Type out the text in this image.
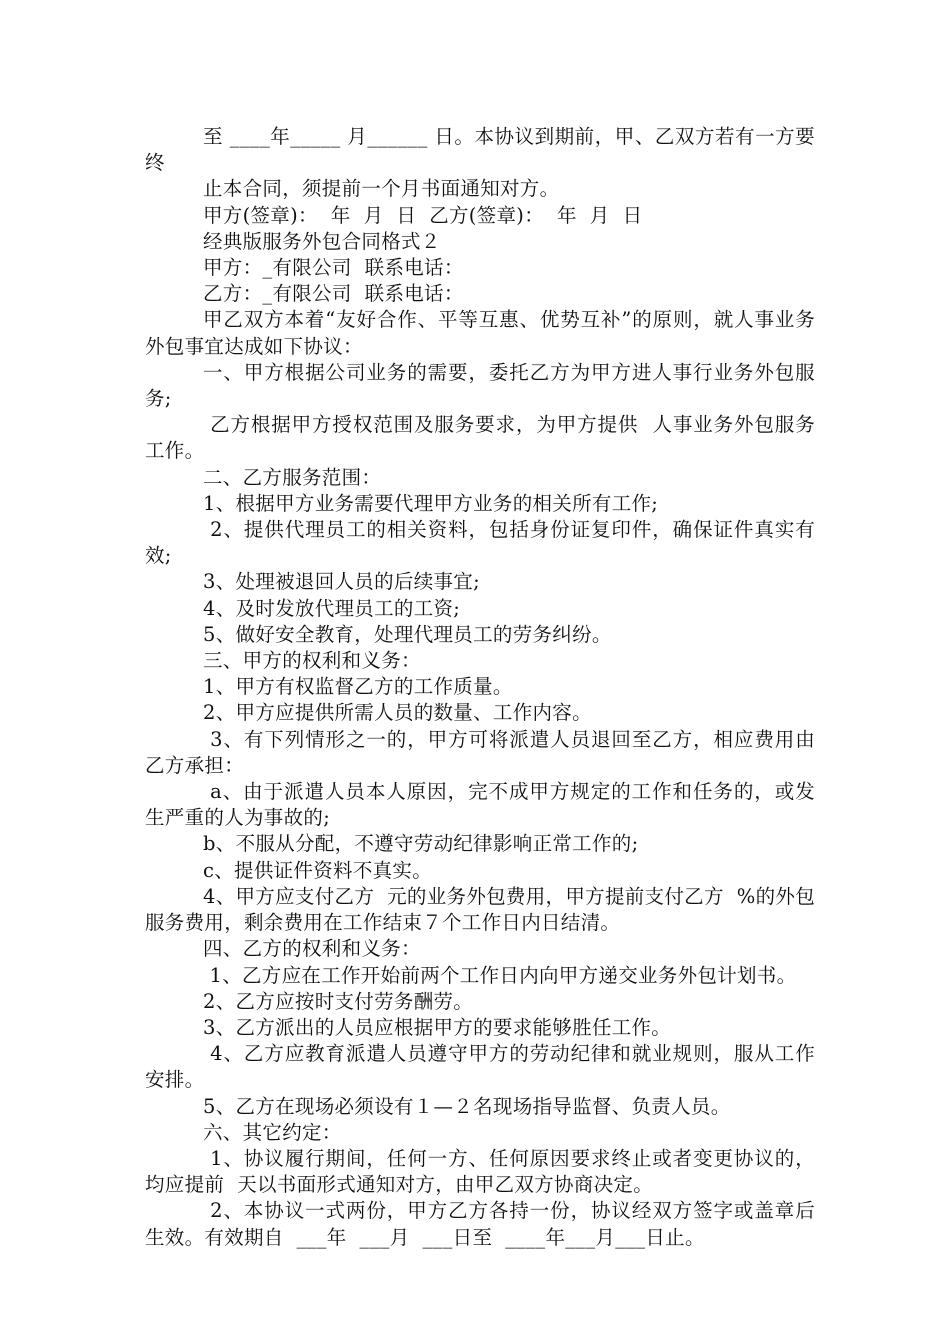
至 ____年_____ 月______ 日。本协议到期前，甲、乙双方若有一方要终

止本合同，须提前一个月书面通知对方。

甲方(签章)：  年  月  日  乙方(签章)：  年  月  日

经典版服务外包合同格式２

甲方：_有限公司  联系电话：

乙方：_有限公司  联系电话：

甲乙双方本着“友好合作、平等互惠、优势互补”的原则，就人事业务外包事宜达成如下协议：

一、甲方根据公司业务的需要，委托乙方为甲方进人事行业务外包服务;

乙方根据甲方授权范围及服务要求，为甲方提供  人事业务外包服务工作。

二、乙方服务范围：

1、根据甲方业务需要代理甲方业务的相关所有工作;

2、提供代理员工的相关资料，包括身份证复印件，确保证件真实有效;

3、处理被退回人员的后续事宜;

4、及时发放代理员工的工资;

5、做好安全教育，处理代理员工的劳务纠纷。

三、甲方的权利和义务：

1、甲方有权监督乙方的工作质量。

2、甲方应提供所需人员的数量、工作内容。

3、有下列情形之一的，甲方可将派遣人员退回至乙方，相应费用由乙方承担：

a、由于派遣人员本人原因，完不成甲方规定的工作和任务的，或发生严重的人为事故的;

b、不服从分配，不遵守劳动纪律影响正常工作的;

c、提供证件资料不真实。

4、甲方应支付乙方  元的业务外包费用，甲方提前支付乙方  %的外包服务费用，剩余费用在工作结束７个工作日内日结清。

四、乙方的权利和义务：

1、乙方应在工作开始前两个工作日内向甲方递交业务外包计划书。

2、乙方应按时支付劳务酬劳。

3、乙方派出的人员应根据甲方的要求能够胜任工作。

4、乙方应教育派遣人员遵守甲方的劳动纪律和就业规则，服从工作安排。

5、乙方在现场必须设有１—２名现场指导监督、负责人员。

六、其它约定：

1、协议履行期间，任何一方、任何原因要求终止或者变更协议的，均应提前  天以书面形式通知对方，由甲乙双方协商决定。

2、本协议一式两份，甲方乙方各持一份，协议经双方签字或盖章后生效。有效期自  ___年  ___月  ___日至  ____年___月___日止。
